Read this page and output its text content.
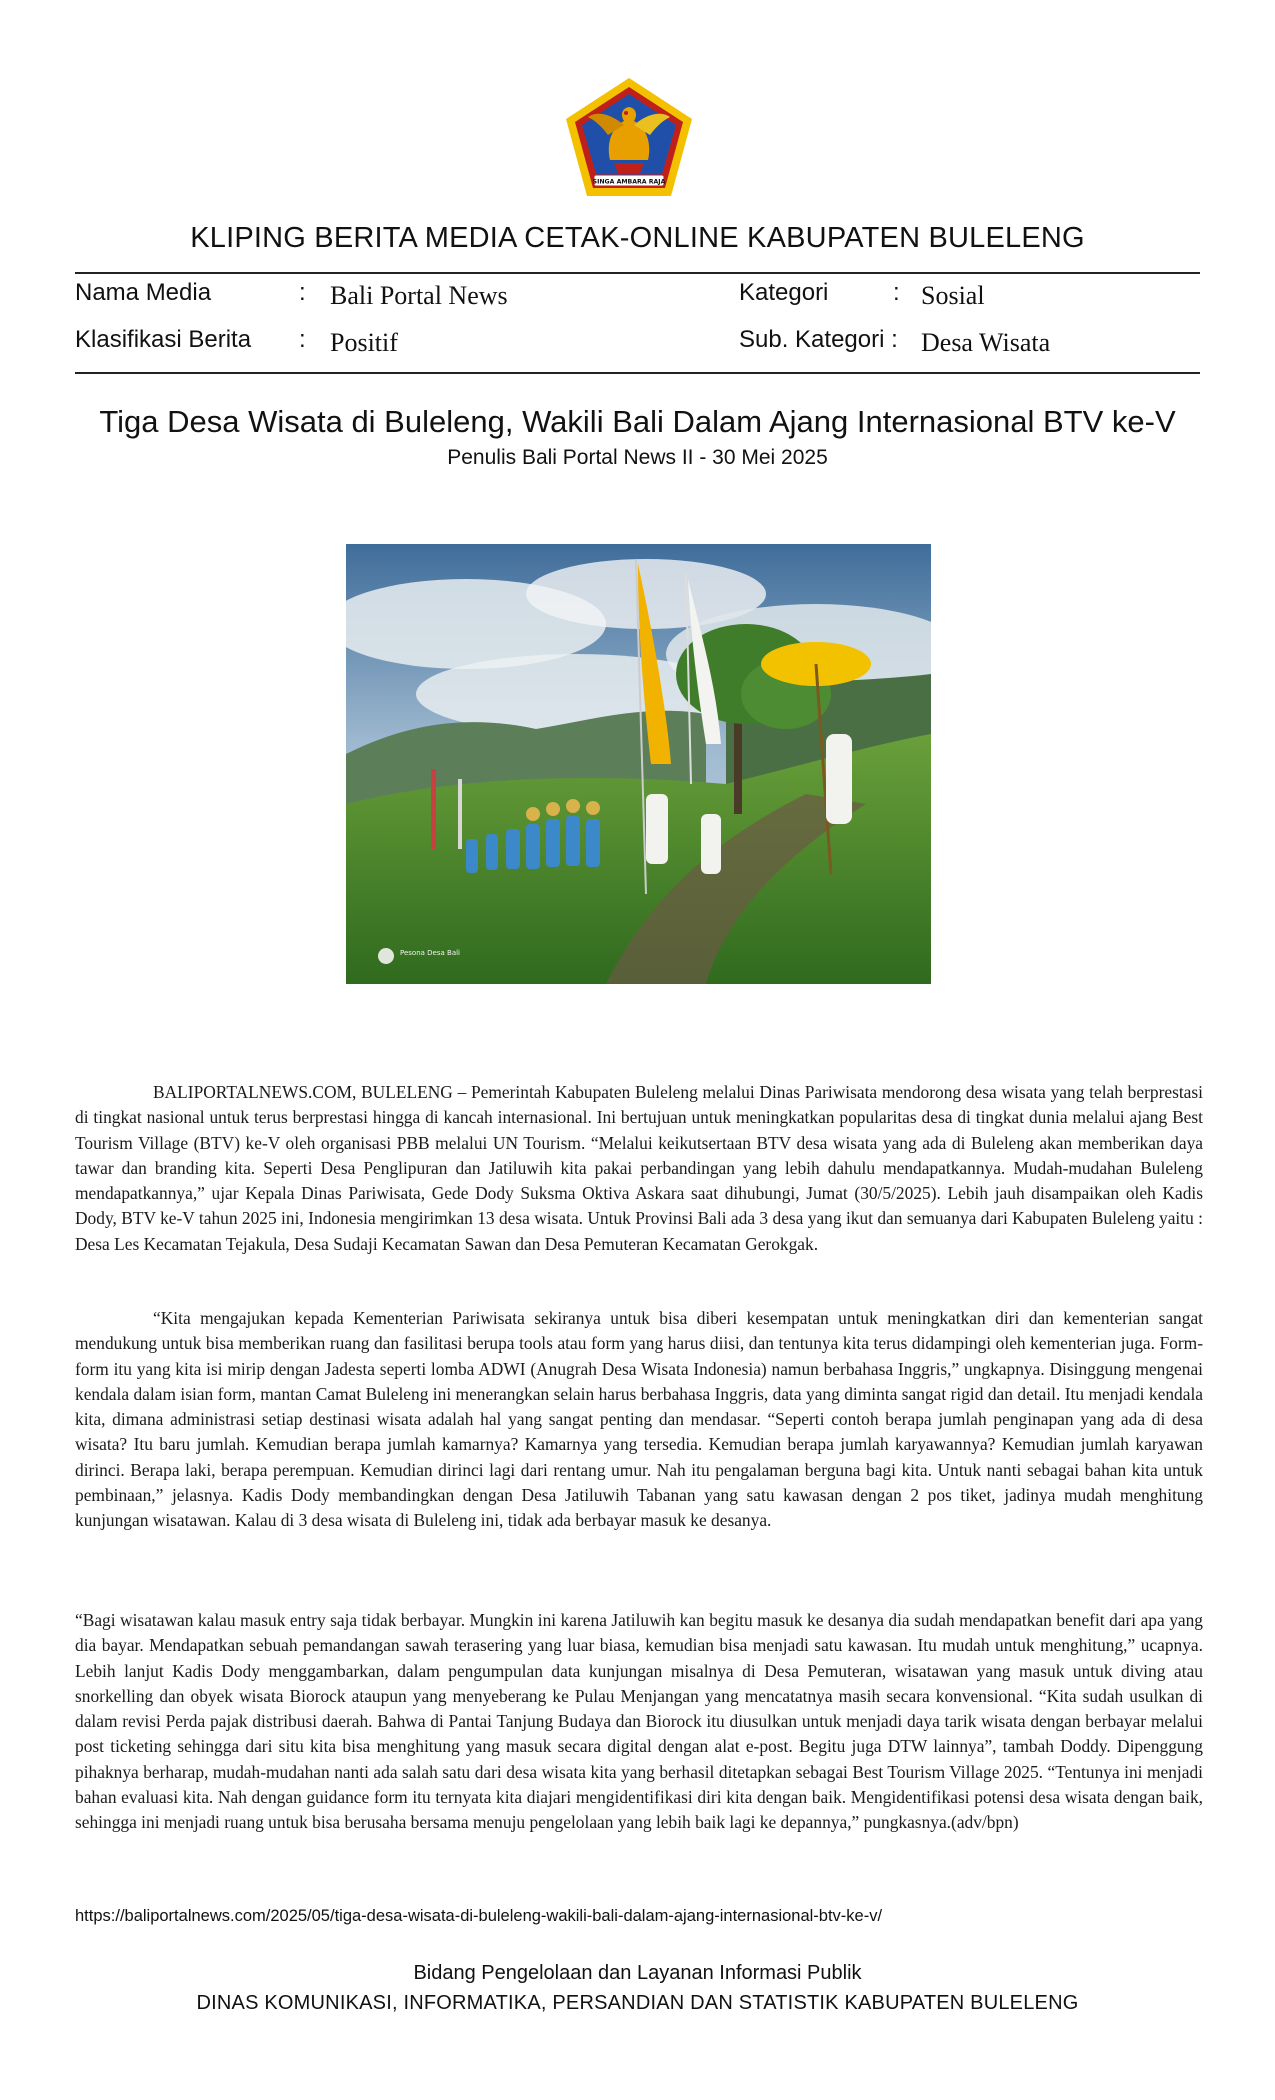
SINGA AMBARA RAJA
KLIPING BERITA MEDIA CETAK-ONLINE KABUPATEN BULELENG
Nama Media	: Bali Portal News	Kategori	: Sosial
Klasifikasi Berita : Positif	Sub. Kategori : Desa Wisata
Tiga Desa Wisata di Buleleng, Wakili Bali Dalam Ajang Internasional BTV ke-V
Penulis Bali Portal News II - 30 Mei 2025
Pesona Desa Bali

BALIPORTALNEWS.COM, BULELENG – Pemerintah Kabupaten Buleleng melalui Dinas Pariwisata mendorong desa wisata yang telah berprestasi di tingkat nasional untuk terus berprestasi hingga di kancah internasional. Ini bertujuan untuk meningkatkan popularitas desa di tingkat dunia melalui ajang Best Tourism Village (BTV) ke-V oleh organisasi PBB melalui UN Tourism. “Melalui keikutsertaan BTV desa wisata yang ada di Buleleng akan memberikan daya tawar dan branding kita. Seperti Desa Penglipuran dan Jatiluwih kita pakai perbandingan yang lebih dahulu mendapatkannya. Mudah-mudahan Buleleng mendapatkannya,” ujar Kepala Dinas Pariwisata, Gede Dody Suksma Oktiva Askara saat dihubungi, Jumat (30/5/2025). Lebih jauh disampaikan oleh Kadis Dody, BTV ke-V tahun 2025 ini, Indonesia mengirimkan 13 desa wisata. Untuk Provinsi Bali ada 3 desa yang ikut dan semuanya dari Kabupaten Buleleng yaitu : Desa Les Kecamatan Tejakula, Desa Sudaji Kecamatan Sawan dan Desa Pemuteran Kecamatan Gerokgak.

“Kita mengajukan kepada Kementerian Pariwisata sekiranya untuk bisa diberi kesempatan untuk meningkatkan diri dan kementerian sangat mendukung untuk bisa memberikan ruang dan fasilitasi berupa tools atau form yang harus diisi, dan tentunya kita terus didampingi oleh kementerian juga. Form-form itu yang kita isi mirip dengan Jadesta seperti lomba ADWI (Anugrah Desa Wisata Indonesia) namun berbahasa Inggris,” ungkapnya. Disinggung mengenai kendala dalam isian form, mantan Camat Buleleng ini menerangkan selain harus berbahasa Inggris, data yang diminta sangat rigid dan detail. Itu menjadi kendala kita, dimana administrasi setiap destinasi wisata adalah hal yang sangat penting dan mendasar. “Seperti contoh berapa jumlah penginapan yang ada di desa wisata? Itu baru jumlah. Kemudian berapa jumlah kamarnya? Kamarnya yang tersedia. Kemudian berapa jumlah karyawannya? Kemudian jumlah karyawan dirinci. Berapa laki, berapa perempuan. Kemudian dirinci lagi dari rentang umur. Nah itu pengalaman berguna bagi kita. Untuk nanti sebagai bahan kita untuk pembinaan,” jelasnya. Kadis Dody membandingkan dengan Desa Jatiluwih Tabanan yang satu kawasan dengan 2 pos tiket, jadinya mudah menghitung kunjungan wisatawan. Kalau di 3 desa wisata di Buleleng ini, tidak ada berbayar masuk ke desanya.

“Bagi wisatawan kalau masuk entry saja tidak berbayar. Mungkin ini karena Jatiluwih kan begitu masuk ke desanya dia sudah mendapatkan benefit dari apa yang dia bayar. Mendapatkan sebuah pemandangan sawah terasering yang luar biasa, kemudian bisa menjadi satu kawasan. Itu mudah untuk menghitung,” ucapnya. Lebih lanjut Kadis Dody menggambarkan, dalam pengumpulan data kunjungan misalnya di Desa Pemuteran, wisatawan yang masuk untuk diving atau snorkelling dan obyek wisata Biorock ataupun yang menyeberang ke Pulau Menjangan yang mencatatnya masih secara konvensional. “Kita sudah usulkan di dalam revisi Perda pajak distribusi daerah. Bahwa di Pantai Tanjung Budaya dan Biorock itu diusulkan untuk menjadi daya tarik wisata dengan berbayar melalui post ticketing sehingga dari situ kita bisa menghitung yang masuk secara digital dengan alat e-post. Begitu juga DTW lainnya”, tambah Doddy. Dipenggung pihaknya berharap, mudah-mudahan nanti ada salah satu dari desa wisata kita yang berhasil ditetapkan sebagai Best Tourism Village 2025. “Tentunya ini menjadi bahan evaluasi kita. Nah dengan guidance form itu ternyata kita diajari mengidentifikasi diri kita dengan baik. Mengidentifikasi potensi desa wisata dengan baik, sehingga ini menjadi ruang untuk bisa berusaha bersama menuju pengelolaan yang lebih baik lagi ke depannya,” pungkasnya.(adv/bpn)

https://baliportalnews.com/2025/05/tiga-desa-wisata-di-buleleng-wakili-bali-dalam-ajang-internasional-btv-ke-v/
Bidang Pengelolaan dan Layanan Informasi Publik
DINAS KOMUNIKASI, INFORMATIKA, PERSANDIAN DAN STATISTIK KABUPATEN BULELENG
